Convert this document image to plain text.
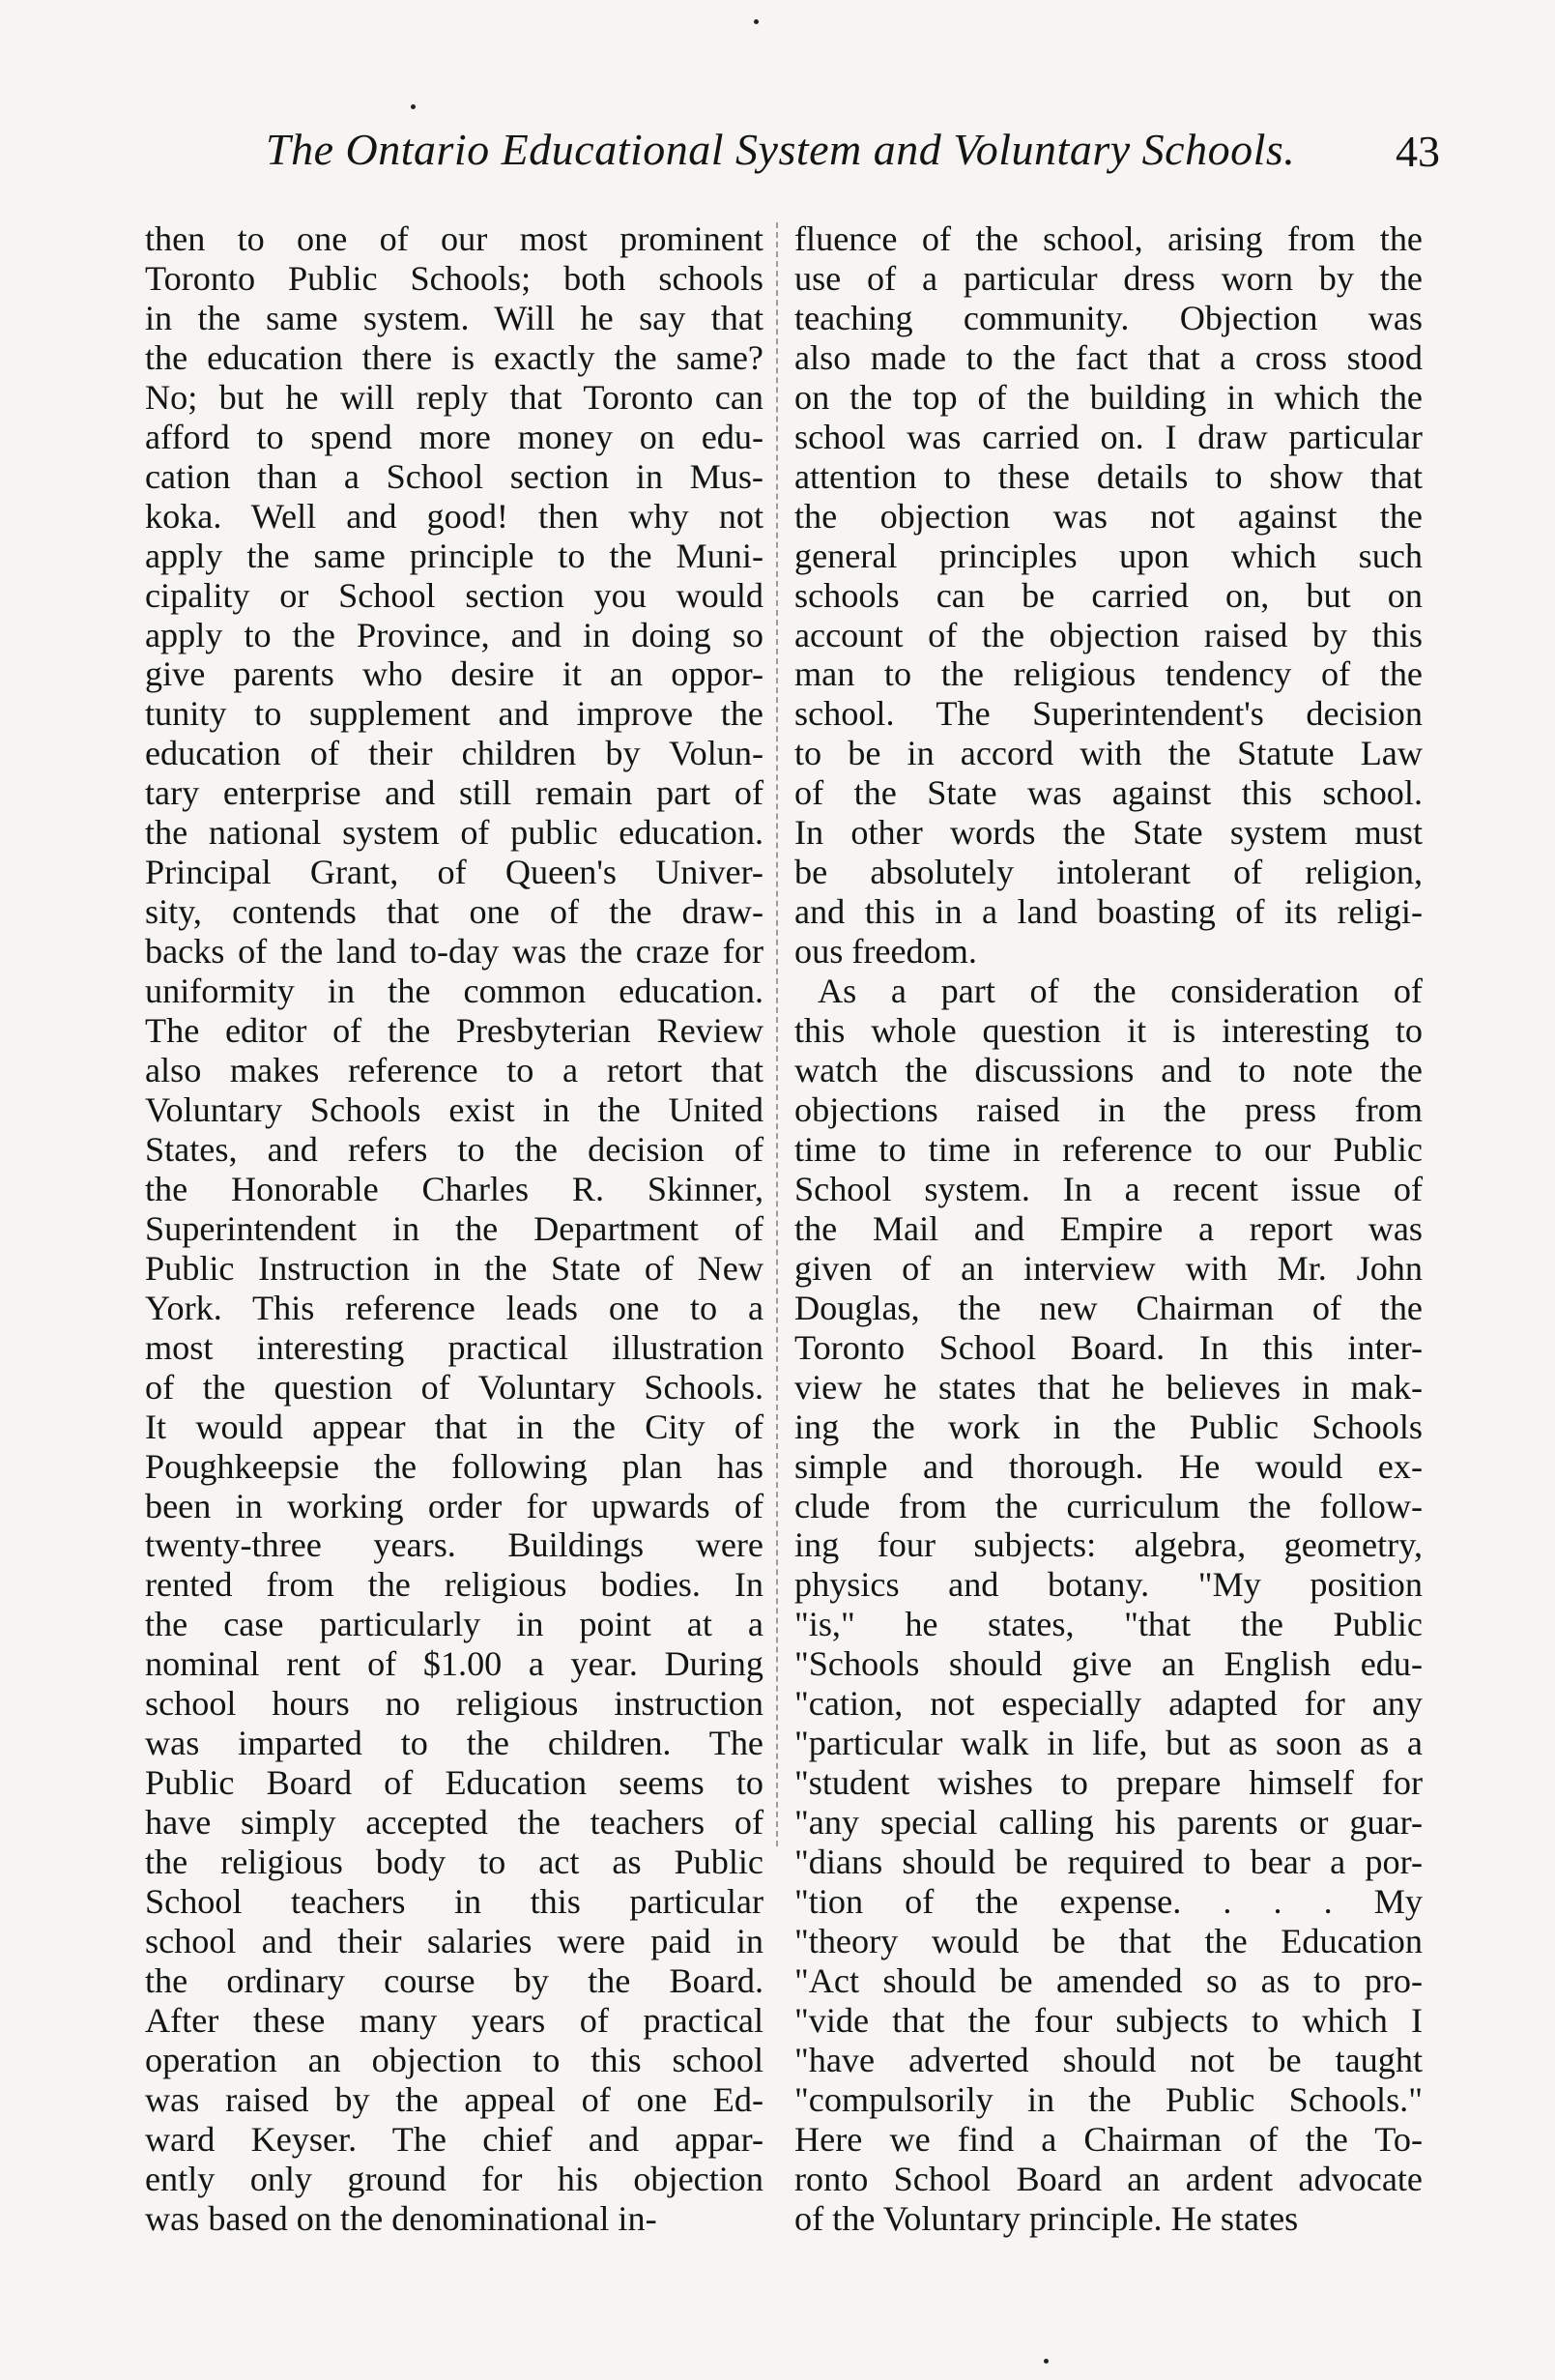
The Ontario Educational System and Voluntary Schools. 43
then to one of our most prominent
Toronto Public Schools; both schools
in the same system. Will he say that
the education there is exactly the same?
No; but he will reply that Toronto can
afford to spend more money on edu-
cation than a School section in Mus-
koka. Well and good! then why not
apply the same principle to the Muni-
cipality or School section you would
apply to the Province, and in doing so
give parents who desire it an oppor-
tunity to supplement and improve the
education of their children by Volun-
tary enterprise and still remain part of
the national system of public education.
Principal Grant, of Queen's Univer-
sity, contends that one of the draw-
backs of the land to-day was the craze for
uniformity in the common education.
The editor of the Presbyterian Review
also makes reference to a retort that
Voluntary Schools exist in the United
States, and refers to the decision of
the Honorable Charles R. Skinner,
Superintendent in the Department of
Public Instruction in the State of New
York. This reference leads one to a
most interesting practical illustration
of the question of Voluntary Schools.
It would appear that in the City of
Poughkeepsie the following plan has
been in working order for upwards of
twenty-three years. Buildings were
rented from the religious bodies. In
the case particularly in point at a
nominal rent of $1.00 a year. During
school hours no religious instruction
was imparted to the children. The
Public Board of Education seems to
have simply accepted the teachers of
the religious body to act as Public
School teachers in this particular
school and their salaries were paid in
the ordinary course by the Board.
After these many years of practical
operation an objection to this school
was raised by the appeal of one Ed-
ward Keyser. The chief and appar-
ently only ground for his objection
was based on the denominational in-
fluence of the school, arising from the
use of a particular dress worn by the
teaching community. Objection was
also made to the fact that a cross stood
on the top of the building in which the
school was carried on. I draw particular
attention to these details to show that
the objection was not against the
general principles upon which such
schools can be carried on, but on
account of the objection raised by this
man to the religious tendency of the
school. The Superintendent's decision
to be in accord with the Statute Law
of the State was against this school.
In other words the State system must
be absolutely intolerant of religion,
and this in a land boasting of its religi-
ous freedom.
As a part of the consideration of
this whole question it is interesting to
watch the discussions and to note the
objections raised in the press from
time to time in reference to our Public
School system. In a recent issue of
the Mail and Empire a report was
given of an interview with Mr. John
Douglas, the new Chairman of the
Toronto School Board. In this inter-
view he states that he believes in mak-
ing the work in the Public Schools
simple and thorough. He would ex-
clude from the curriculum the follow-
ing four subjects: algebra, geometry,
physics and botany. "My position
"is," he states, "that the Public
"Schools should give an English edu-
"cation, not especially adapted for any
"particular walk in life, but as soon as a
"student wishes to prepare himself for
"any special calling his parents or guar-
"dians should be required to bear a por-
"tion of the expense. . . . My
"theory would be that the Education
"Act should be amended so as to pro-
"vide that the four subjects to which I
"have adverted should not be taught
"compulsorily in the Public Schools."
Here we find a Chairman of the To-
ronto School Board an ardent advocate
of the Voluntary principle. He states
